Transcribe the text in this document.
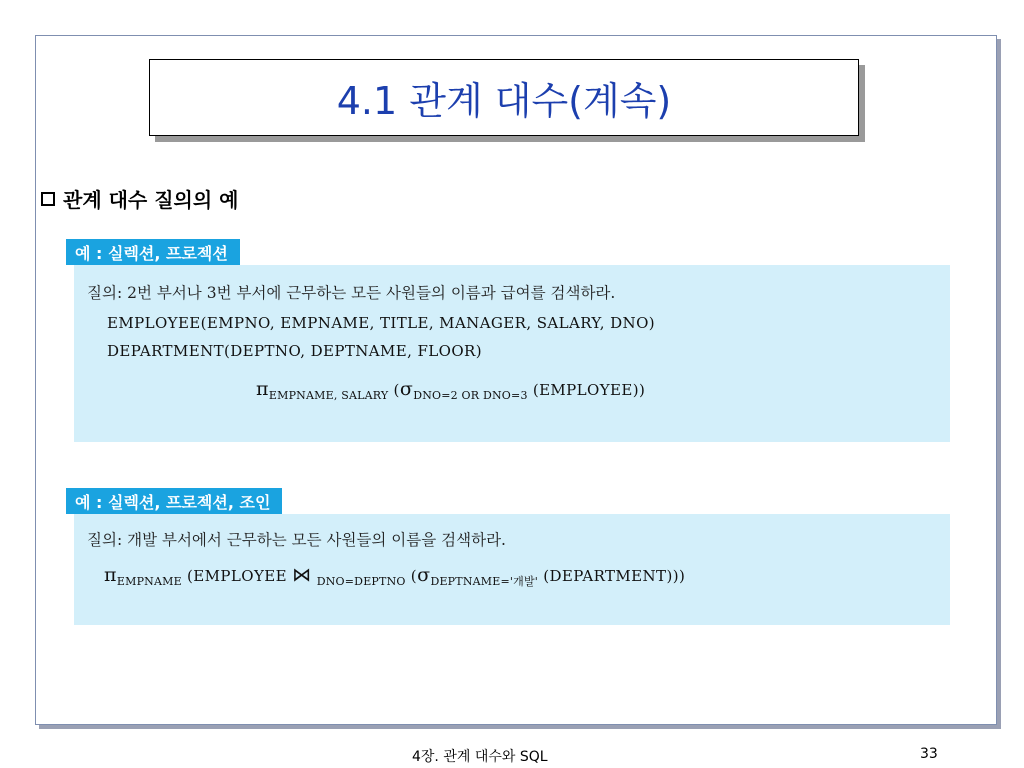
4.1 관계 대수(계속)
관계 대수 질의의 예
예 : 실렉션, 프로젝션
질의: 2번 부서나 3번 부서에 근무하는 모든 사원들의 이름과 급여를 검색하라.
EMPLOYEE(EMPNO, EMPNAME, TITLE, MANAGER, SALARY, DNO)
DEPARTMENT(DEPTNO, DEPTNAME, FLOOR)
$\pi_{EMPNAME, SALARY}$ ($\sigma_{DNO=2 OR DNO=3}$ (EMPLOYEE))
예 : 실렉션, 프로젝션, 조인
질의: 개발 부서에서 근무하는 모든 사원들의 이름을 검색하라.
$\pi_{EMPNAME}$ (EMPLOYEE ⋈ $_{DNO=DEPTNO}$ ($\sigma_{DEPTNAME='개발'}$ (DEPARTMENT)))
4장. 관계 대수와 SQL	33
